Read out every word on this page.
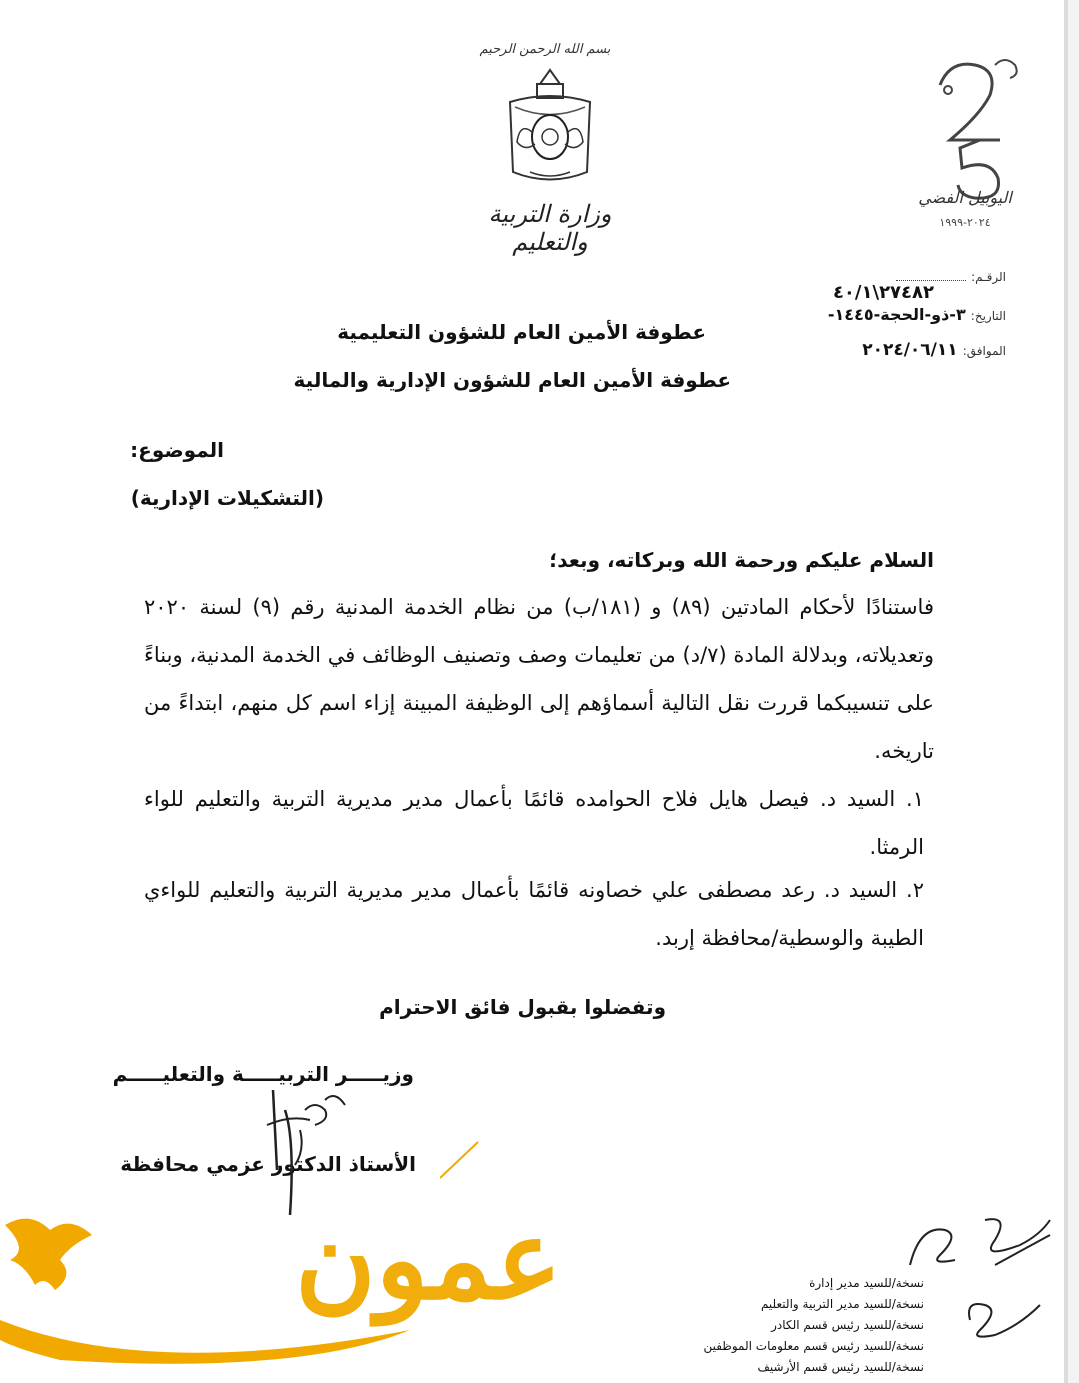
بسم الله الرحمن الرحيم
وزارة التربية والتعليم
اليوبيل الفضي
٢٠٢٤-١٩٩٩
الرقـم:
٢٧٤٨٢\٤٠/١
التاريخ: ٣-ذو-الحجة-١٤٤٥-
الموافق: ٢٠٢٤/٠٦/١١
عطوفة الأمين العام للشؤون التعليمية
عطوفة الأمين العام للشؤون الإدارية والمالية
الموضوع:
(التشكيلات الإدارية)
السلام عليكم ورحمة الله وبركاته، وبعد؛
فاستنادًا لأحكام المادتين (٨٩) و (١٨١/ب) من نظام الخدمة المدنية رقم (٩) لسنة ٢٠٢٠ وتعديلاته، وبدلالة المادة (٧/د) من تعليمات وصف وتصنيف الوظائف في الخدمة المدنية، وبناءً على تنسيبكما قررت نقل التالية أسماؤهم إلى الوظيفة المبينة إزاء اسم كل منهم، ابتداءً من تاريخه.
١. السيد د. فيصل هايل فلاح الحوامده قائمًا بأعمال مدير مديرية التربية والتعليم للواء الرمثا.
٢. السيد د. رعد مصطفى علي خصاونه قائمًا بأعمال مدير مديرية التربية والتعليم للواءي الطيبة والوسطية/محافظة إربد.
وتفضلوا بقبول فائق الاحترام
وزيـــــر التربيـــــة والتعليـــــم
الأستاذ الدكتور عزمي محافظة
نسخة/للسيد مدير إدارة
نسخة/للسيد مدير التربية والتعليم
نسخة/للسيد رئيس قسم الكادر
نسخة/للسيد رئيس قسم معلومات الموظفين
نسخة/للسيد رئيس قسم الأرشيف
عمون
